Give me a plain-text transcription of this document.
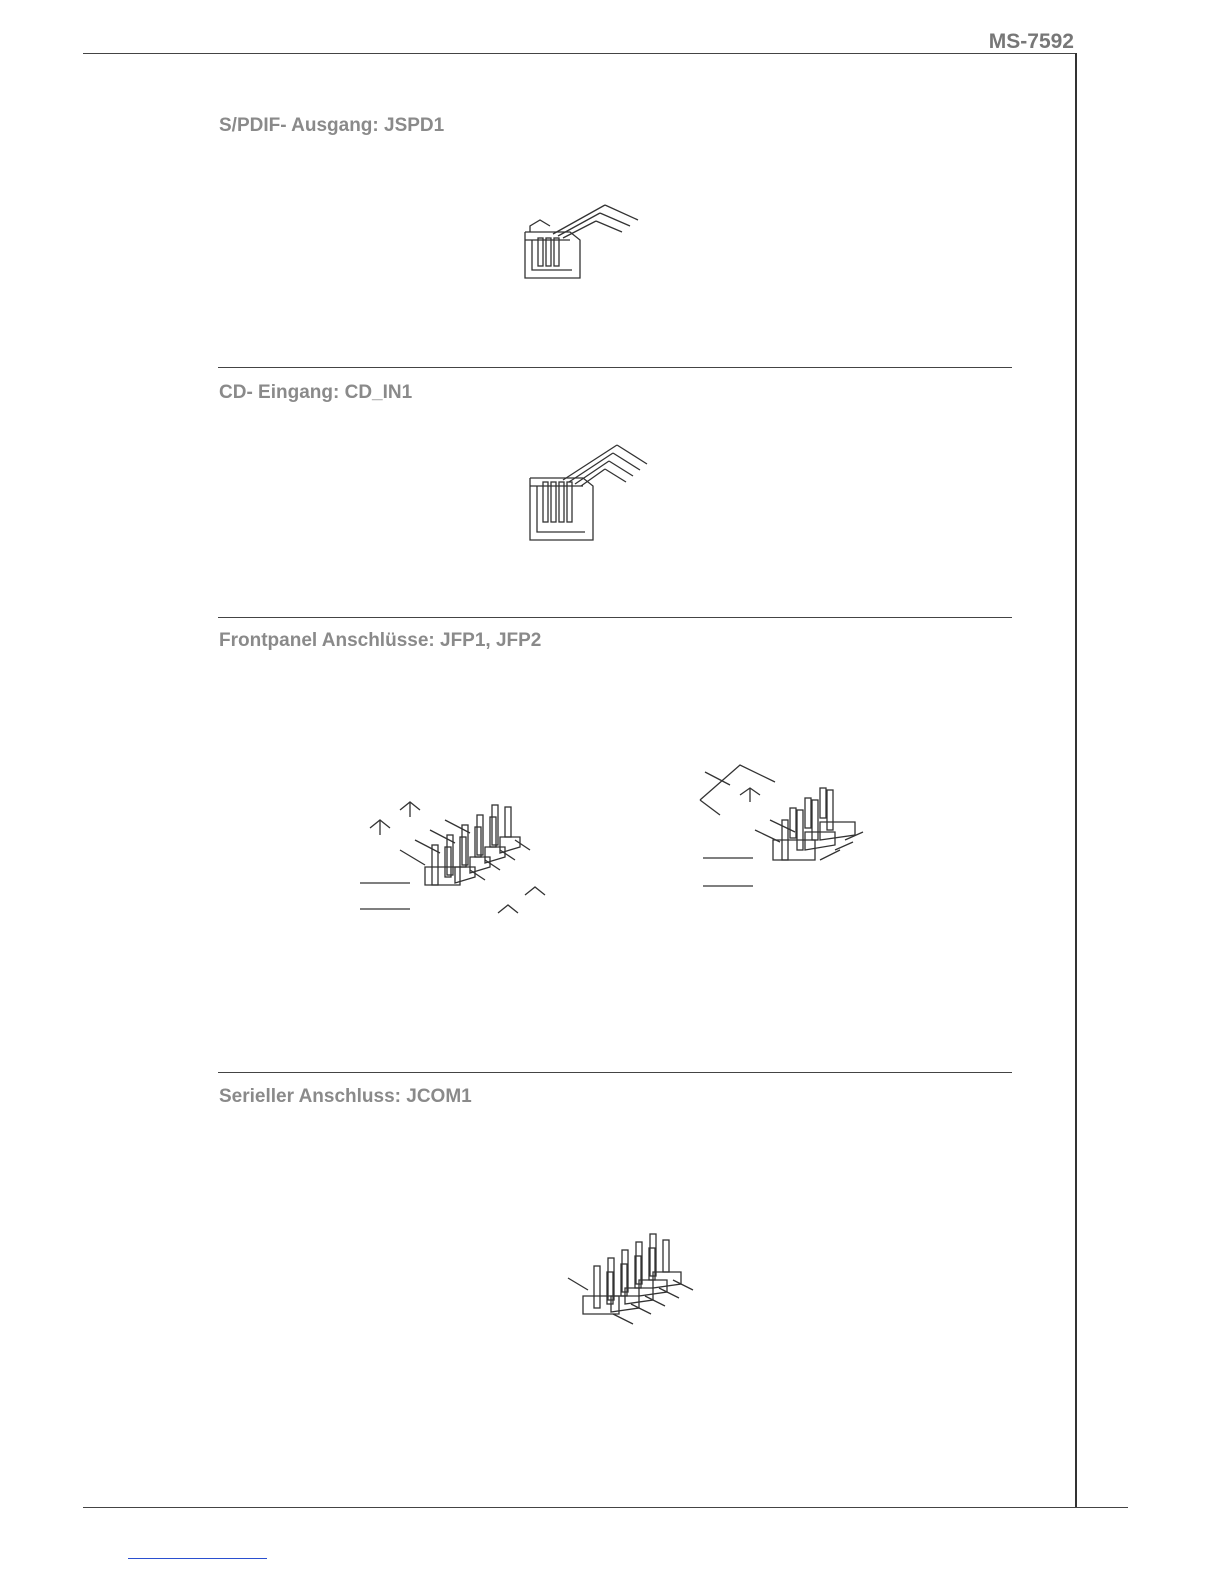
MS-7592
S/PDIF- Ausgang: JSPD1
CD- Eingang: CD_IN1
Frontpanel Anschlüsse: JFP1, JFP2
Serieller Anschluss: JCOM1
